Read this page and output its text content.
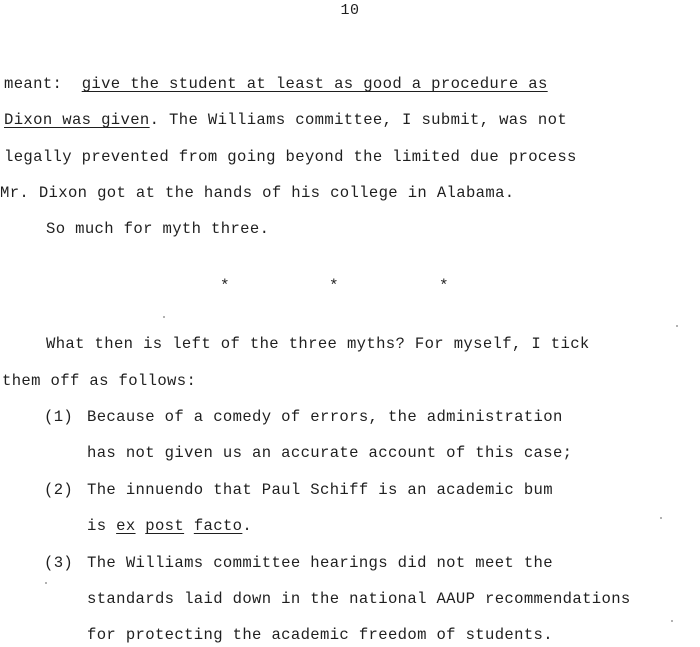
10
meant:  give the student at least as good a procedure as
Dixon was given. The Williams committee, I submit, was not
legally prevented from going beyond the limited due process
Mr. Dixon got at the hands of his college in Alabama.
So much for myth three.
*	*	*
What then is left of the three myths? For myself, I tick
them off as follows:
(1) Because of a comedy of errors, the administration
has not given us an accurate account of this case;
(2) The innuendo that Paul Schiff is an academic bum
is ex post facto.
(3) The Williams committee hearings did not meet the
standards laid down in the national AAUP recommendations
for protecting the academic freedom of students.
